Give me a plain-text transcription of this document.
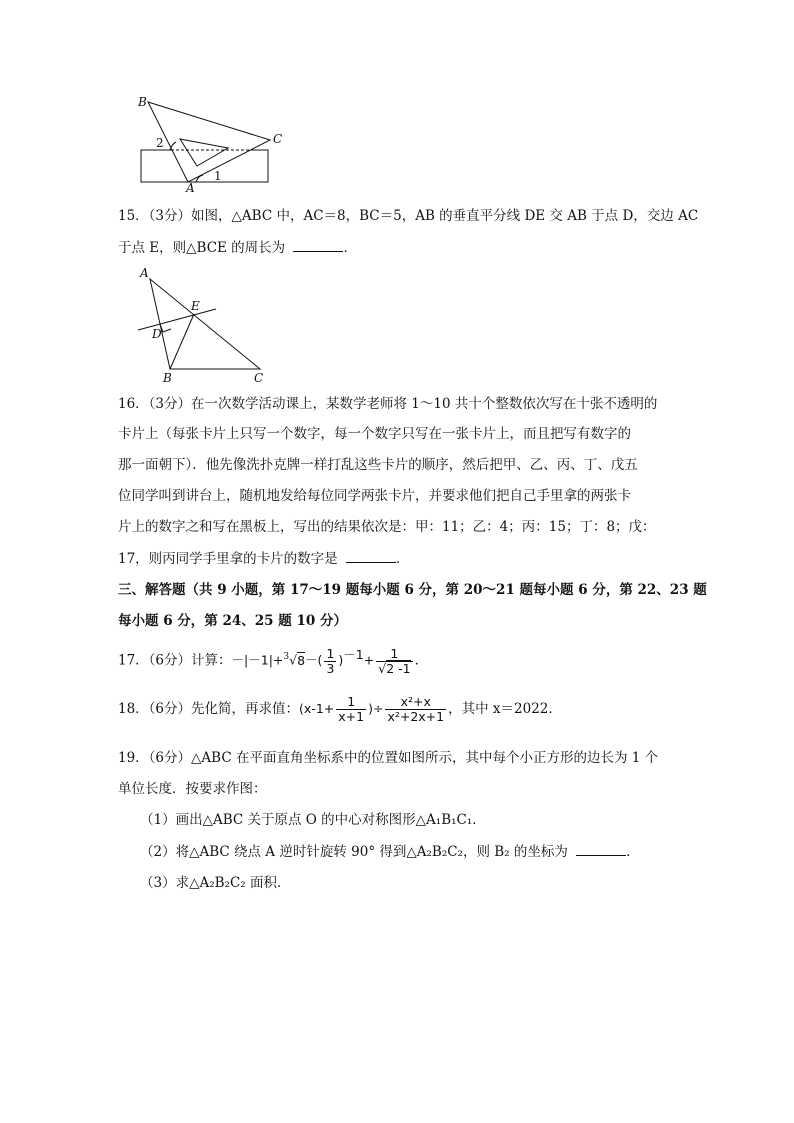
B
C
A
2
1
15．（3分）如图，△ABC 中，AC＝8，BC＝5，AB 的垂直平分线 DE 交 AB 于点 D，交边 AC
于点 E，则△BCE 的周长为	．
A
E
D
B	C
16．（3分）在一次数学活动课上，某数学老师将 1～10 共十个整数依次写在十张不透明的
卡片上（每张卡片上只写一个数字，每一个数字只写在一张卡片上，而且把写有数字的
那一面朝下）．他先像洗扑克牌一样打乱这些卡片的顺序，然后把甲、乙、丙、丁、戊五
位同学叫到讲台上，随机地发给每位同学两张卡片，并要求他们把自己手里拿的两张卡
片上的数字之和写在黑板上，写出的结果依次是：甲：11；乙：4；丙：15；丁：8；戊：
17，则丙同学手里拿的卡片的数字是	．
三、解答题（共 9 小题，第 17～19 题每小题 6 分，第 20～21 题每小题 6 分，第 22、23 题
每小题 6 分，第 24、25 题 10 分）
17．（6分）计算：$-|-1|+^3√8-( \frac{1}{3} )^{-1}+ \frac{1}{√2 -1}$ ．
18．（6分）先化简，再求值：($x-1+ \frac{1}{x+1}$ )÷ $\frac{\text{x²+x}}{\text{x²+2x+1}}$ ，其中 x＝2022．
19．（6分）△ABC 在平面直角坐标系中的位置如图所示，其中每个小正方形的边长为 1 个
单位长度．按要求作图：
（1）画出△ABC 关于原点 O 的中心对称图形△A₁B₁C₁．
（2）将△ABC 绕点 A 逆时针旋转 90° 得到△A₂B₂C₂，则 B₂ 的坐标为	．
（3）求△A₂B₂C₂ 面积．
